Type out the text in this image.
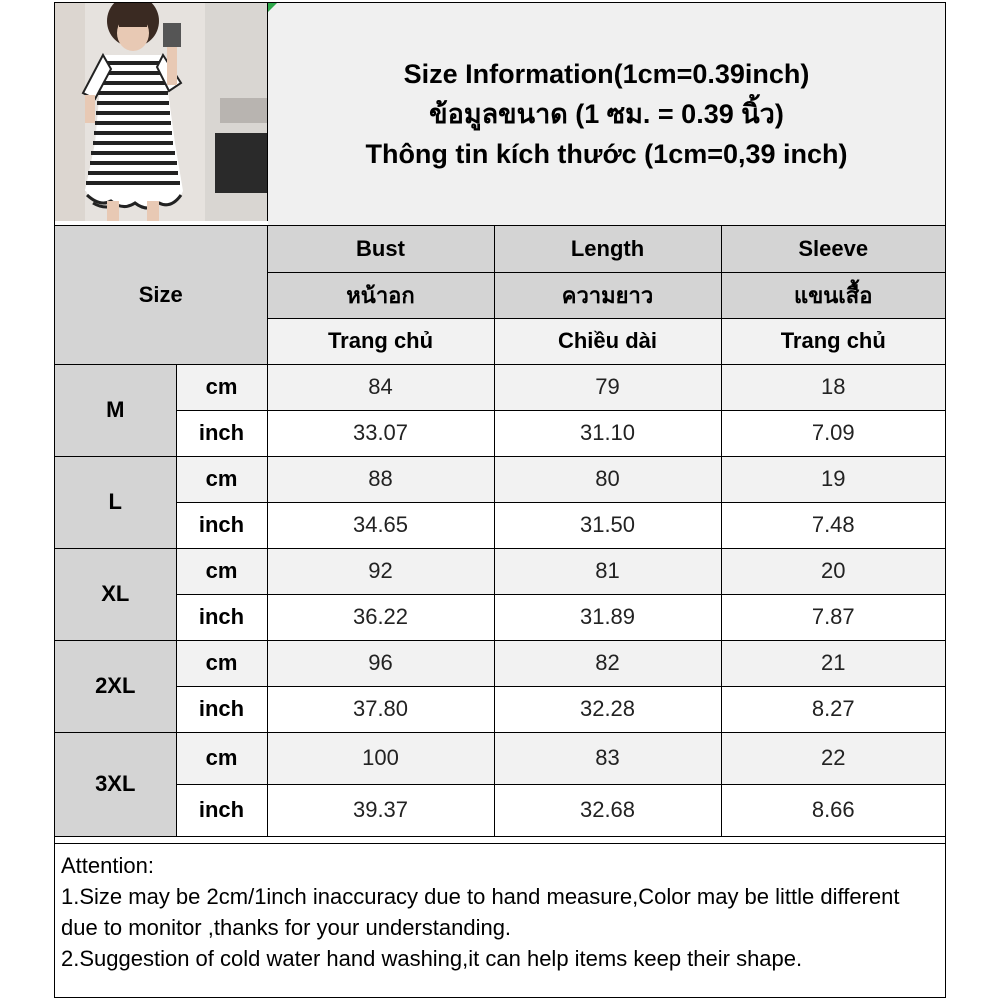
Size Information(1cm=0.39inch)
ข้อมูลขนาด (1 ซม. = 0.39 นิ้ว)
Thông tin kích thước (1cm=0,39 inch)
Size		Bust	Length	Sleeve
		หน้าอก	ความยาว	แขนเสื้อ
		Trang chủ	Chiều dài	Trang chủ
M	cm	84	79	18
	inch	33.07	31.10	7.09
L	cm	88	80	19
	inch	34.65	31.50	7.48
XL	cm	92	81	20
	inch	36.22	31.89	7.87
2XL	cm	96	82	21
	inch	37.80	32.28	8.27
3XL	cm	100	83	22
	inch	39.37	32.68	8.66
Attention:
1.Size may be 2cm/1inch inaccuracy due to hand measure,Color may be little different due to monitor ,thanks for your understanding.
2.Suggestion of cold water hand washing,it can help items keep their shape.
